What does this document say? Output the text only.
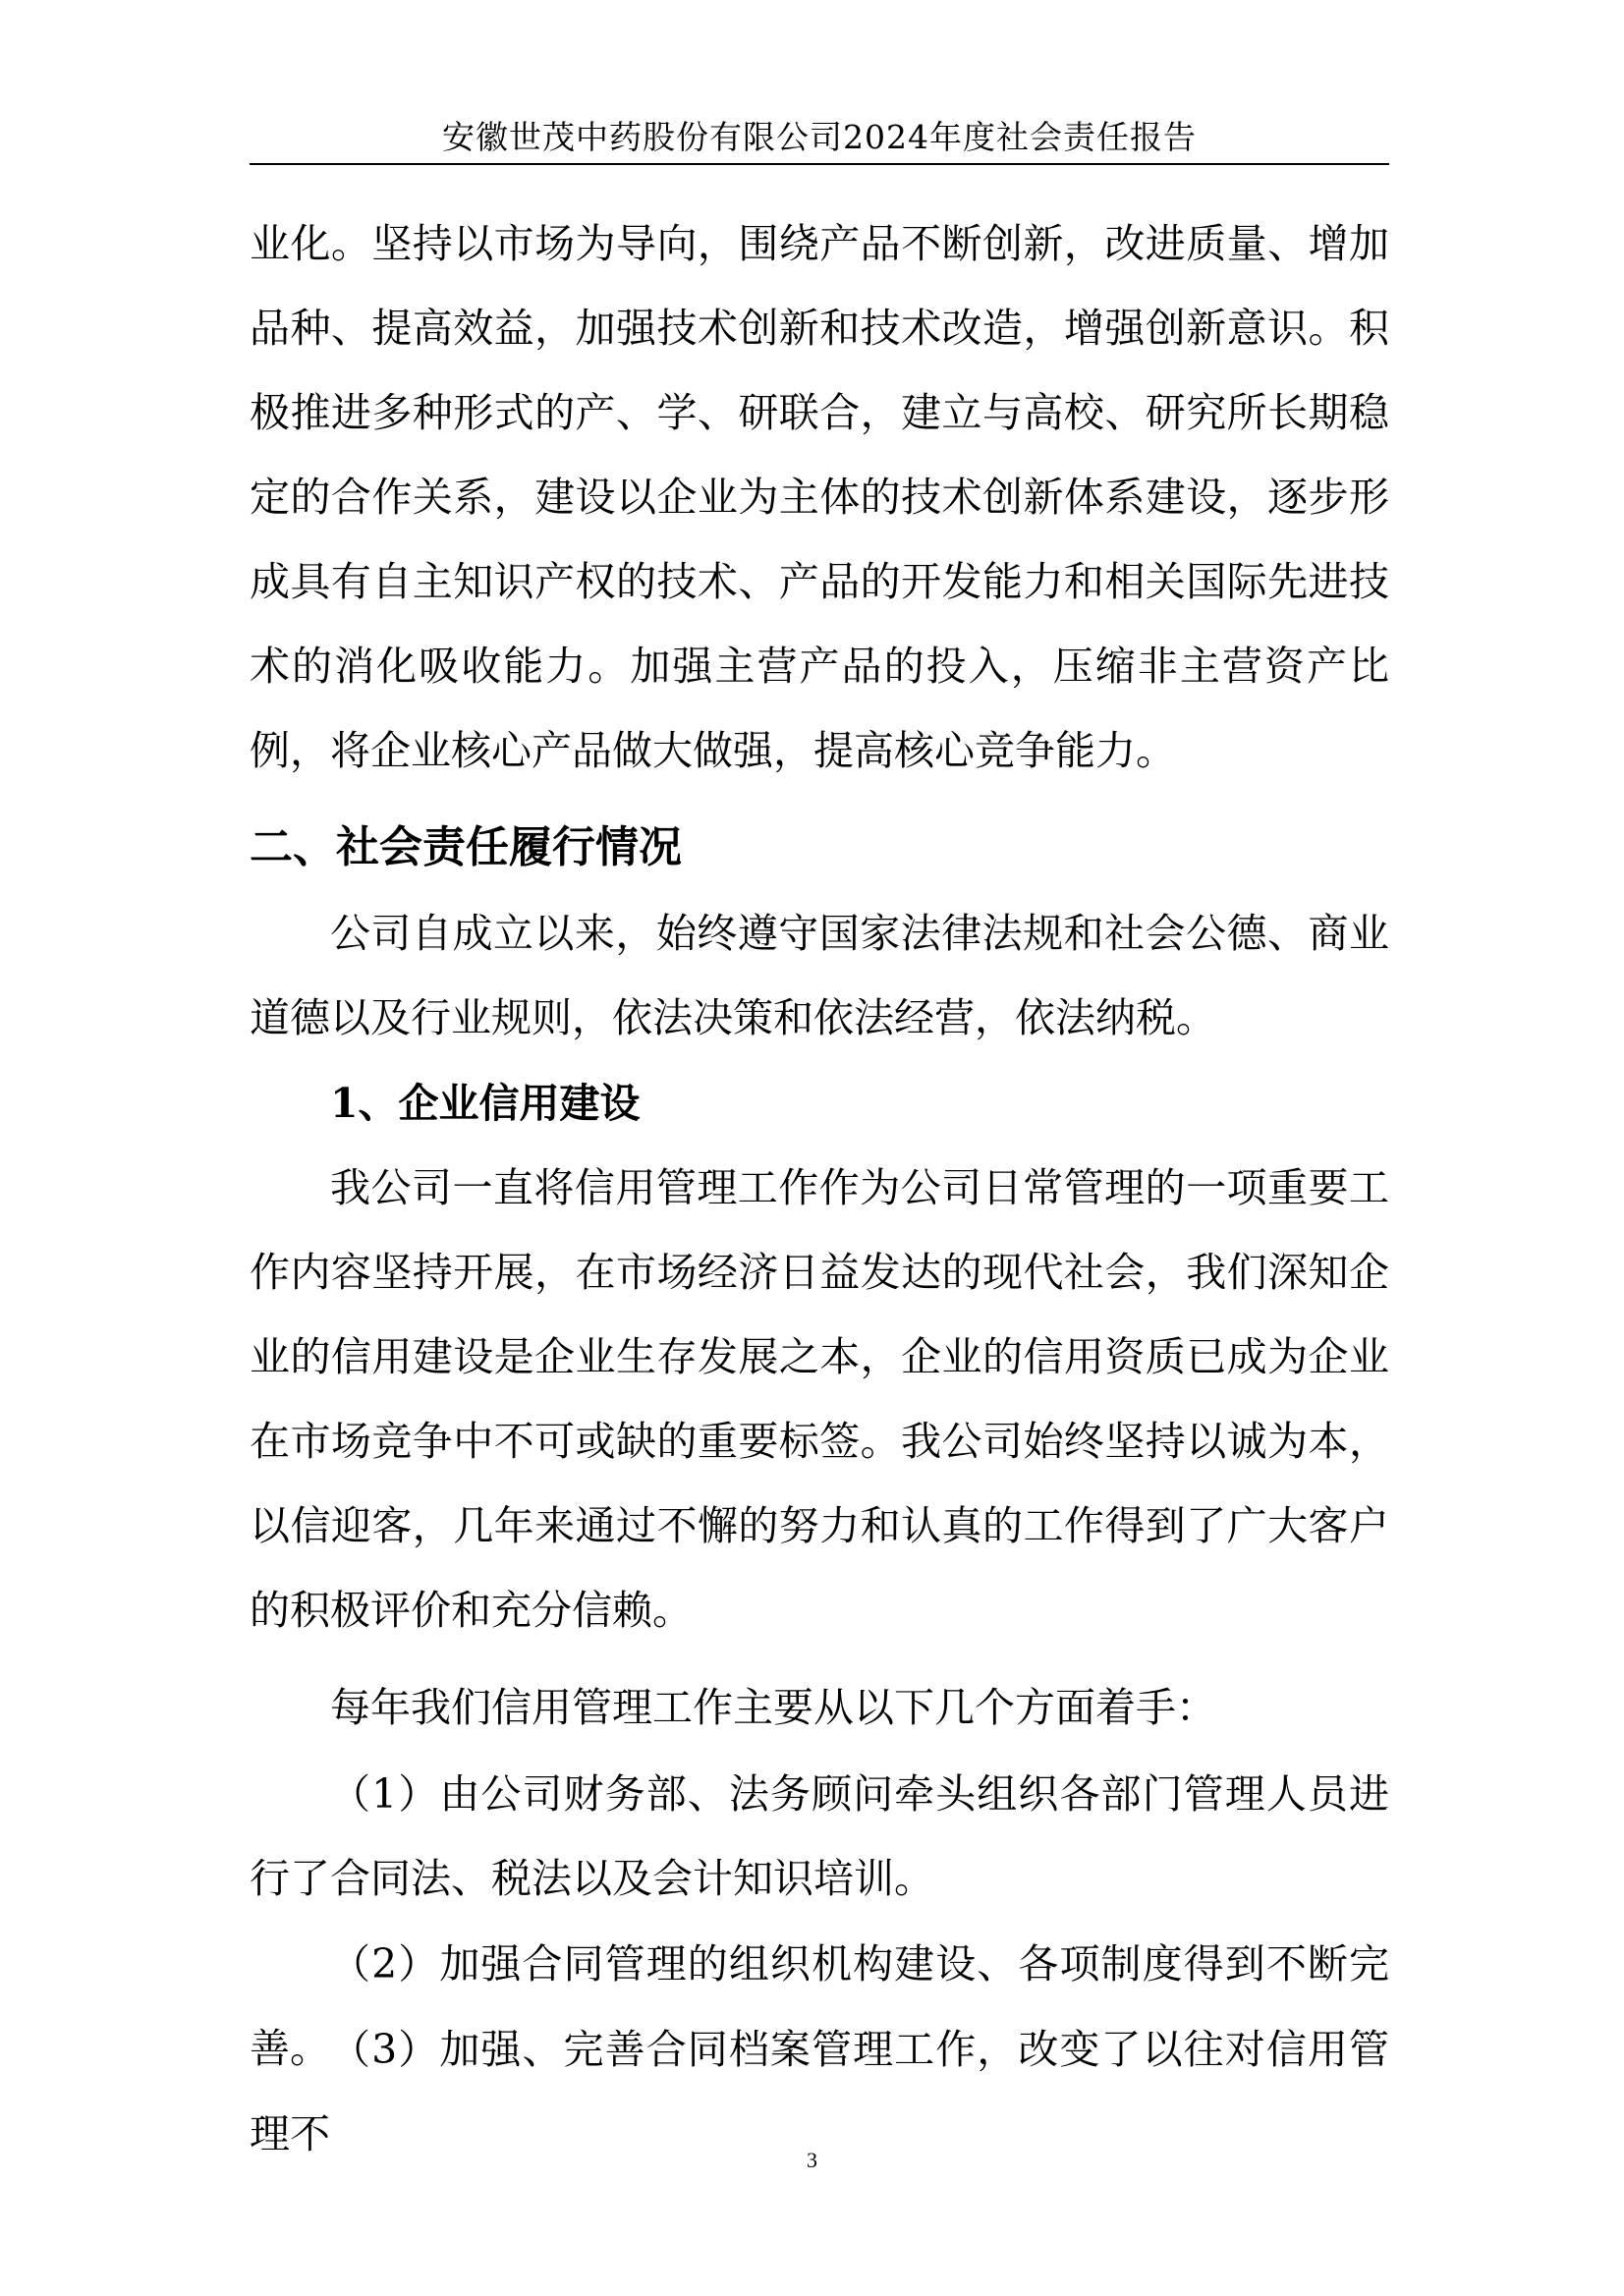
安徽世茂中药股份有限公司2024年度社会责任报告

业化。坚持以市场为导向，围绕产品不断创新，改进质量、增加品种、提高效益，加强技术创新和技术改造，增强创新意识。积极推进多种形式的产、学、研联合，建立与高校、研究所长期稳定的合作关系，建设以企业为主体的技术创新体系建设，逐步形成具有自主知识产权的技术、产品的开发能力和相关国际先进技术的消化吸收能力。加强主营产品的投入，压缩非主营资产比例，将企业核心产品做大做强，提高核心竞争能力。

二、社会责任履行情况

公司自成立以来，始终遵守国家法律法规和社会公德、商业道德以及行业规则，依法决策和依法经营，依法纳税。

1、企业信用建设

我公司一直将信用管理工作作为公司日常管理的一项重要工作内容坚持开展，在市场经济日益发达的现代社会，我们深知企业的信用建设是企业生存发展之本，企业的信用资质已成为企业在市场竞争中不可或缺的重要标签。我公司始终坚持以诚为本，以信迎客，几年来通过不懈的努力和认真的工作得到了广大客户的积极评价和充分信赖。

每年我们信用管理工作主要从以下几个方面着手：

（1）由公司财务部、法务顾问牵头组织各部门管理人员进行了合同法、税法以及会计知识培训。

（2）加强合同管理的组织机构建设、各项制度得到不断完善。 （3）加强、完善合同档案管理工作，改变了以往对信用管理不

3
